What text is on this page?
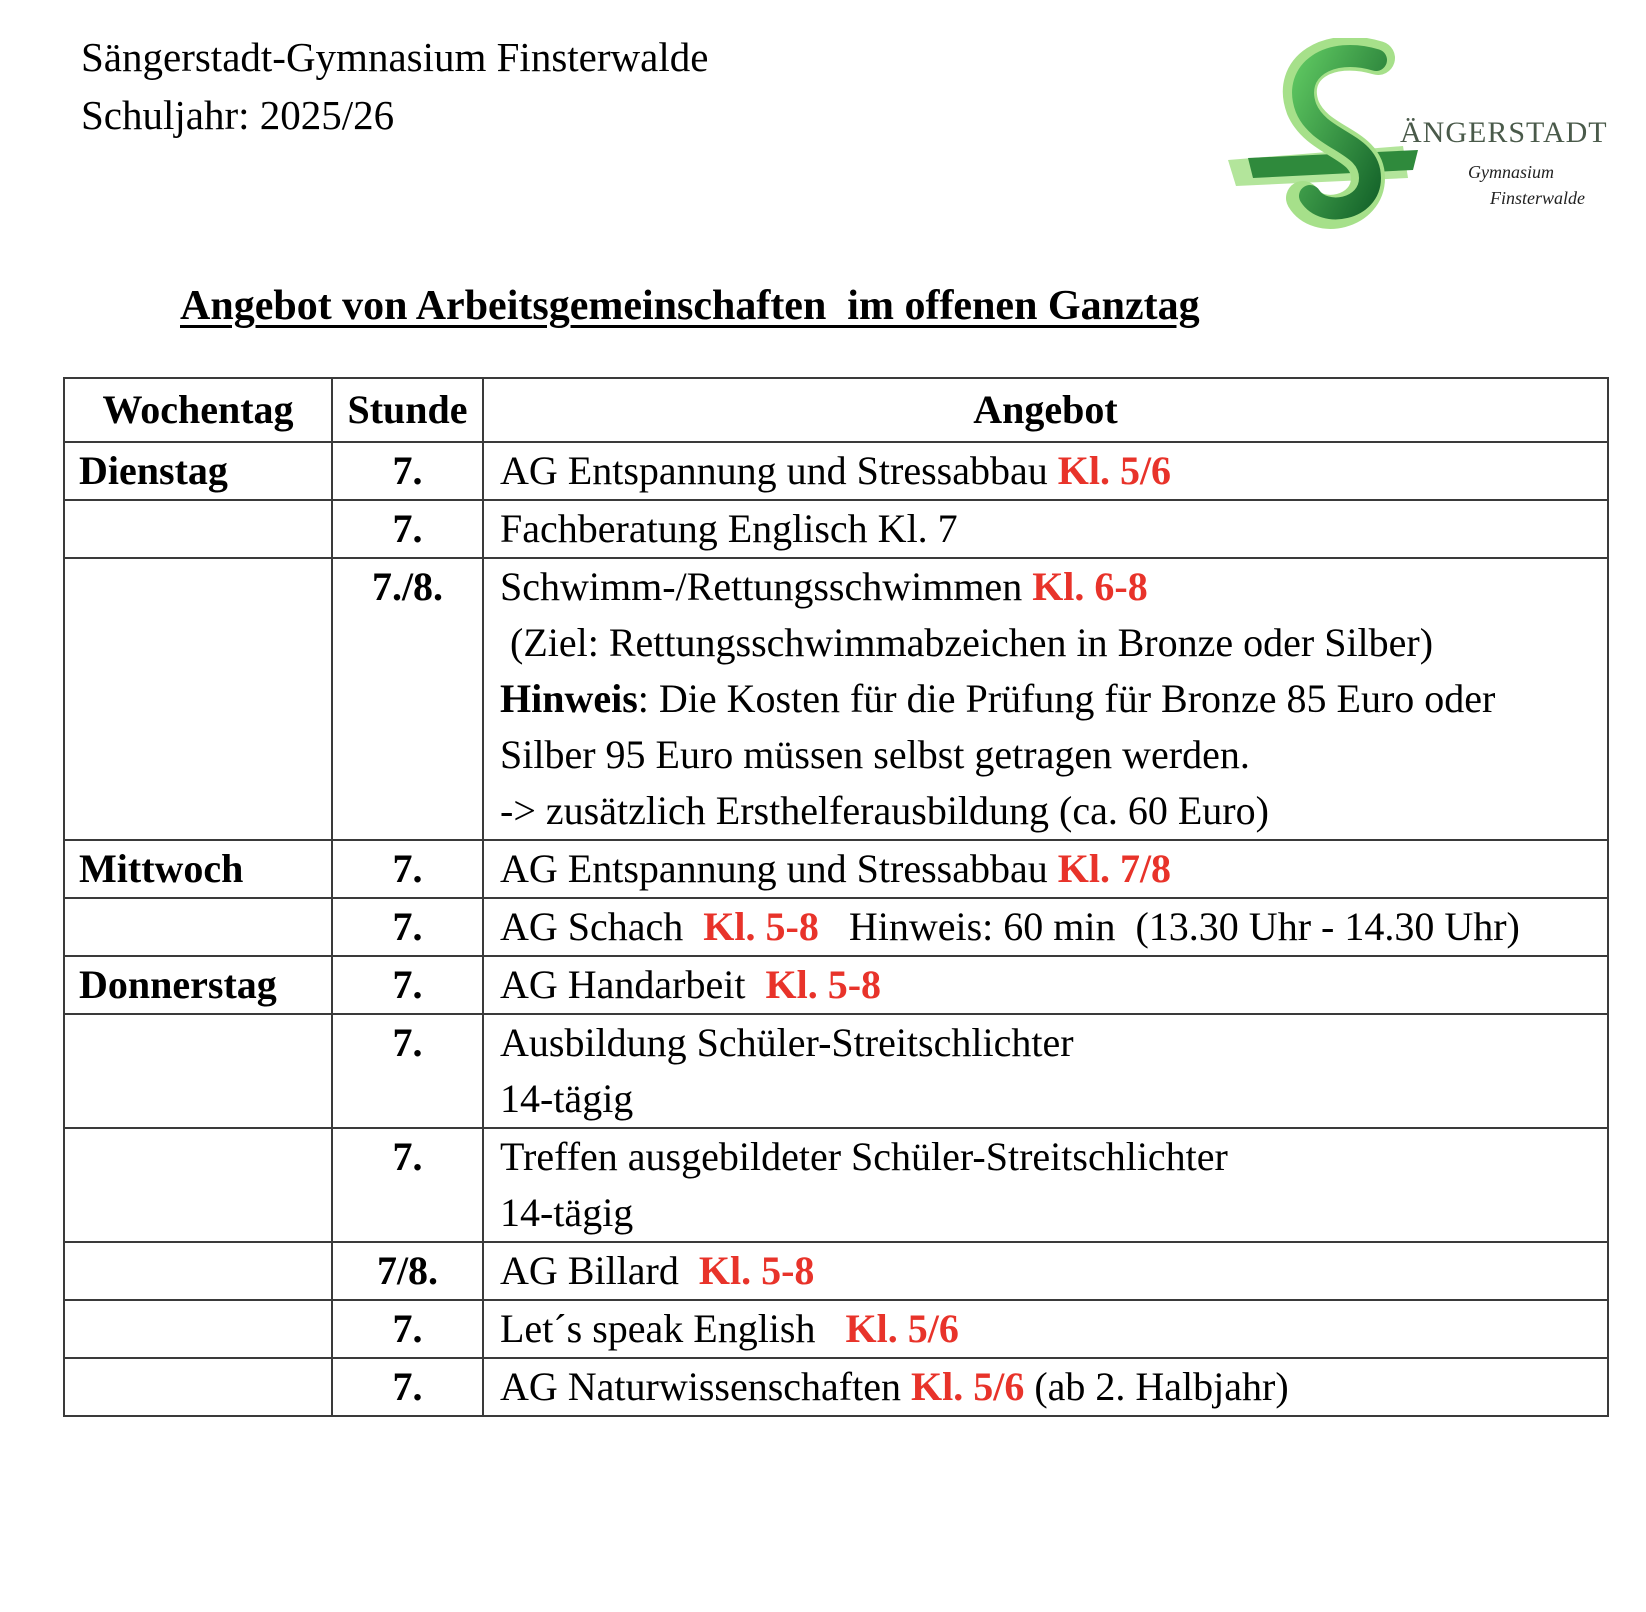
Sängerstadt-Gymnasium Finsterwalde
Schuljahr: 2025/26	ÄNGERSTADT
Gymnasium
Finsterwalde
Angebot von Arbeitsgemeinschaften  im offenen Ganztag
Wochentag	Stunde	Angebot
Dienstag	7.	AG Entspannung und Stressabbau Kl. 5/6

	7.	Fachberatung Englisch Kl. 7

	7./8.	Schwimm-/Rettungsschwimmen Kl. 6-8
(Ziel: Rettungsschwimmabzeichen in Bronze oder Silber)
Hinweis: Die Kosten für die Prüfung für Bronze 85 Euro oder Silber 95 Euro müssen selbst getragen werden.
-> zusätzlich Ersthelferausbildung (ca. 60 Euro)

Mittwoch	7.	AG Entspannung und Stressabbau Kl. 7/8

	7.	AG Schach  Kl. 5-8   Hinweis: 60 min  (13.30 Uhr - 14.30 Uhr)

Donnerstag	7.	AG Handarbeit  Kl. 5-8

	7.	Ausbildung Schüler-Streitschlichter
14-tägig

	7.	Treffen ausgebildeter Schüler-Streitschlichter
14-tägig

	7/8.	AG Billard  Kl. 5-8

	7.	Let´s speak English   Kl. 5/6

	7.	AG Naturwissenschaften Kl. 5/6 (ab 2. Halbjahr)
